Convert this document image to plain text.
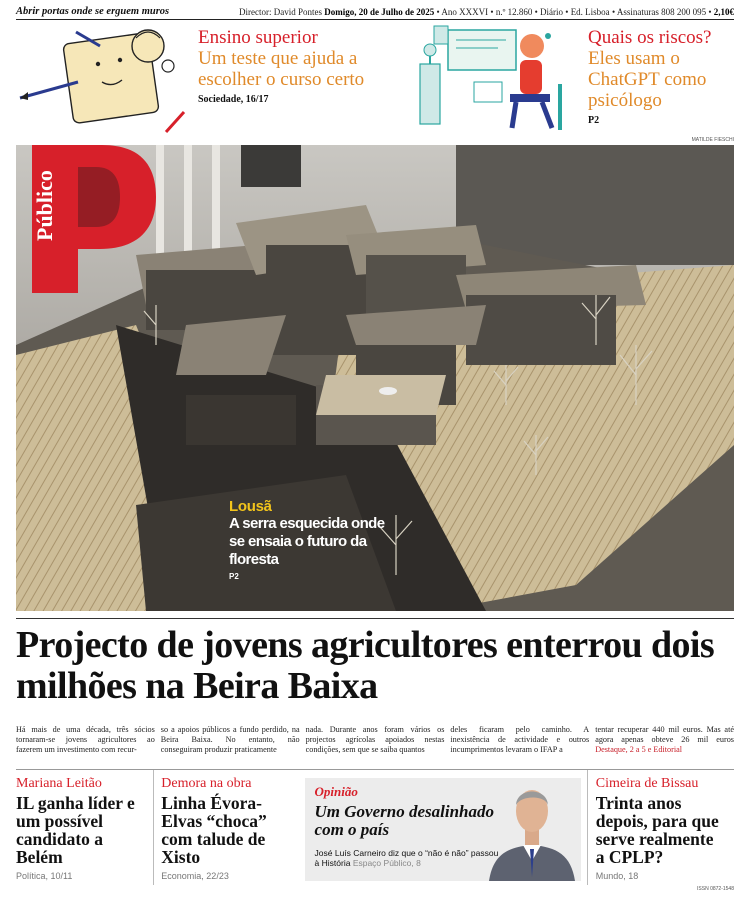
Abrir portas onde se erguem muros	Director: David Pontes Domigo, 20 de Julho de 2025 • Ano XXXVI • n.º 12.860 • Diário • Ed. Lisboa • Assinaturas 808 200 095 • 2,10€
Ensino superior
Um teste que ajuda a escolher o curso certo
Sociedade, 16/17
Quais os riscos?
Eles usam o ChatGPT como psicólogo
P2
MATILDE FIESCHI
Público
Lousã
A serra esquecida onde se ensaia o futuro da floresta
P2
Projecto de jovens agricultores enterrou dois milhões na Beira Baixa
Há mais de uma década, três sócios tornaram-se jovens agricultores ao fazerem um investimento com recur-
so a apoios públicos a fundo perdido, na Beira Baixa. No entanto, não conseguiram produzir praticamente
nada. Durante anos foram vários os projectos agrícolas apoiados nestas condições, sem que se saiba quantos
deles ficaram pelo caminho. A inexistência de actividade e outros incumprimentos levaram o IFAP a
tentar recuperar 440 mil euros. Mas até agora apenas obteve 26 mil euros Destaque, 2 a 5 e Editorial
Mariana Leitão
IL ganha líder e um possível candidato a Belém
Política, 10/11
Demora na obra
Linha Évora-Elvas “choca” com talude de Xisto
Economia, 22/23
Opinião
Um Governo desalinhado com o país
José Luís Carneiro diz que o “não é não” passou à História Espaço Público, 8
Cimeira de Bissau
Trinta anos depois, para que serve realmente a CPLP?
Mundo, 18
ISSN 0872-1548
